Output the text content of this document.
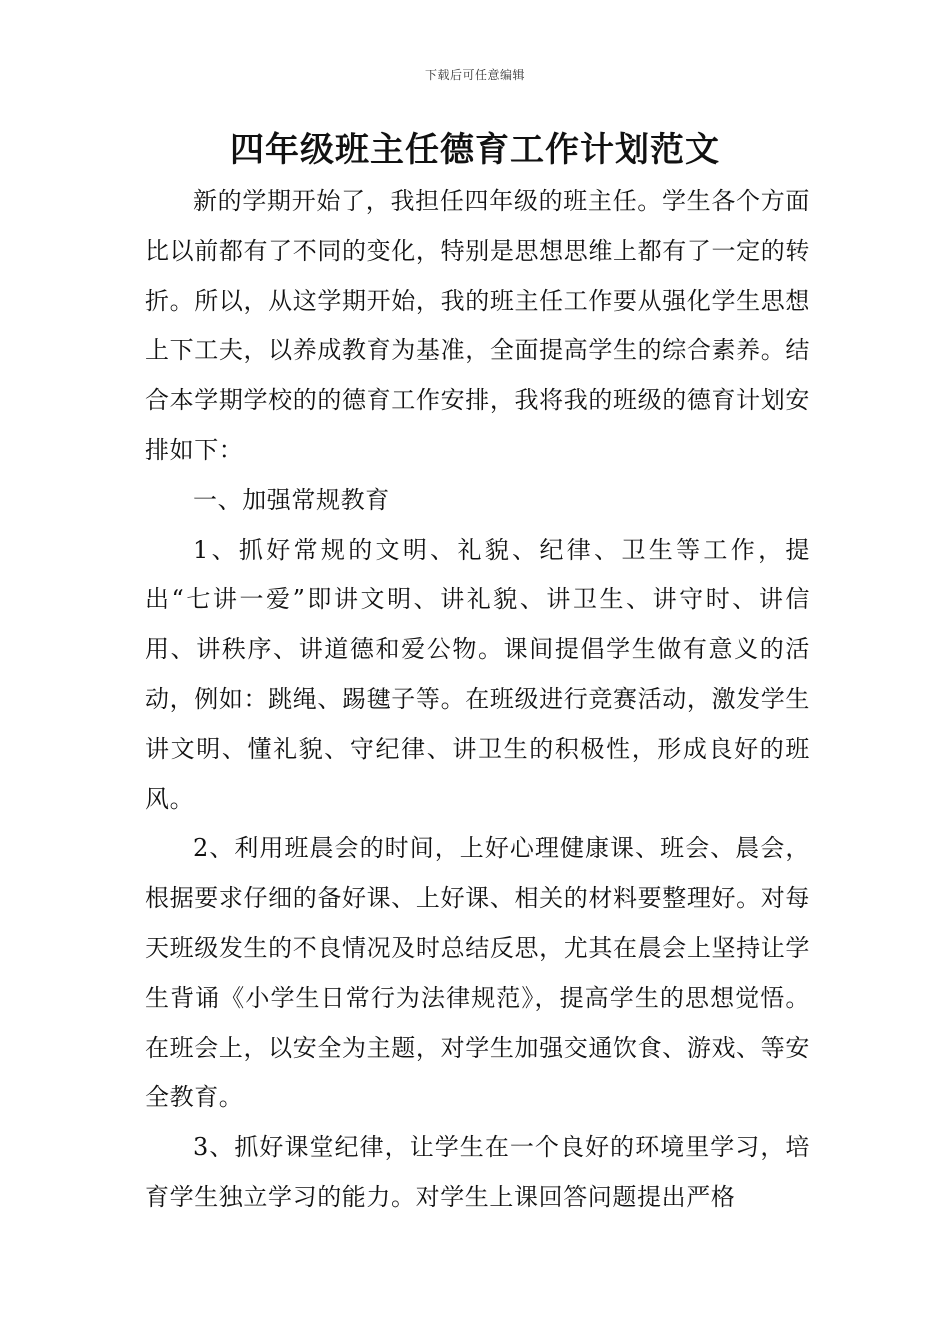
下载后可任意编辑
四年级班主任德育工作计划范文

新的学期开始了，我担任四年级的班主任。学生各个方面比以前都有了不同的变化，特别是思想思维上都有了一定的转折。所以，从这学期开始，我的班主任工作要从强化学生思想上下工夫，以养成教育为基准，全面提高学生的综合素养。结合本学期学校的的德育工作安排，我将我的班级的德育计划安排如下：

一、加强常规教育

1、抓好常规的文明、礼貌、纪律、卫生等工作，提出“七讲一爱”即讲文明、讲礼貌、讲卫生、讲守时、讲信用、讲秩序、讲道德和爱公物。课间提倡学生做有意义的活动，例如：跳绳、踢毽子等。在班级进行竞赛活动，激发学生讲文明、懂礼貌、守纪律、讲卫生的积极性，形成良好的班风。

2、利用班晨会的时间，上好心理健康课、班会、晨会，根据要求仔细的备好课、上好课、相关的材料要整理好。对每天班级发生的不良情况及时总结反思，尤其在晨会上坚持让学生背诵《小学生日常行为法律规范》，提高学生的思想觉悟。在班会上，以安全为主题，对学生加强交通饮食、游戏、等安全教育。

3、抓好课堂纪律，让学生在一个良好的环境里学习，培育学生独立学习的能力。对学生上课回答问题提出严格
